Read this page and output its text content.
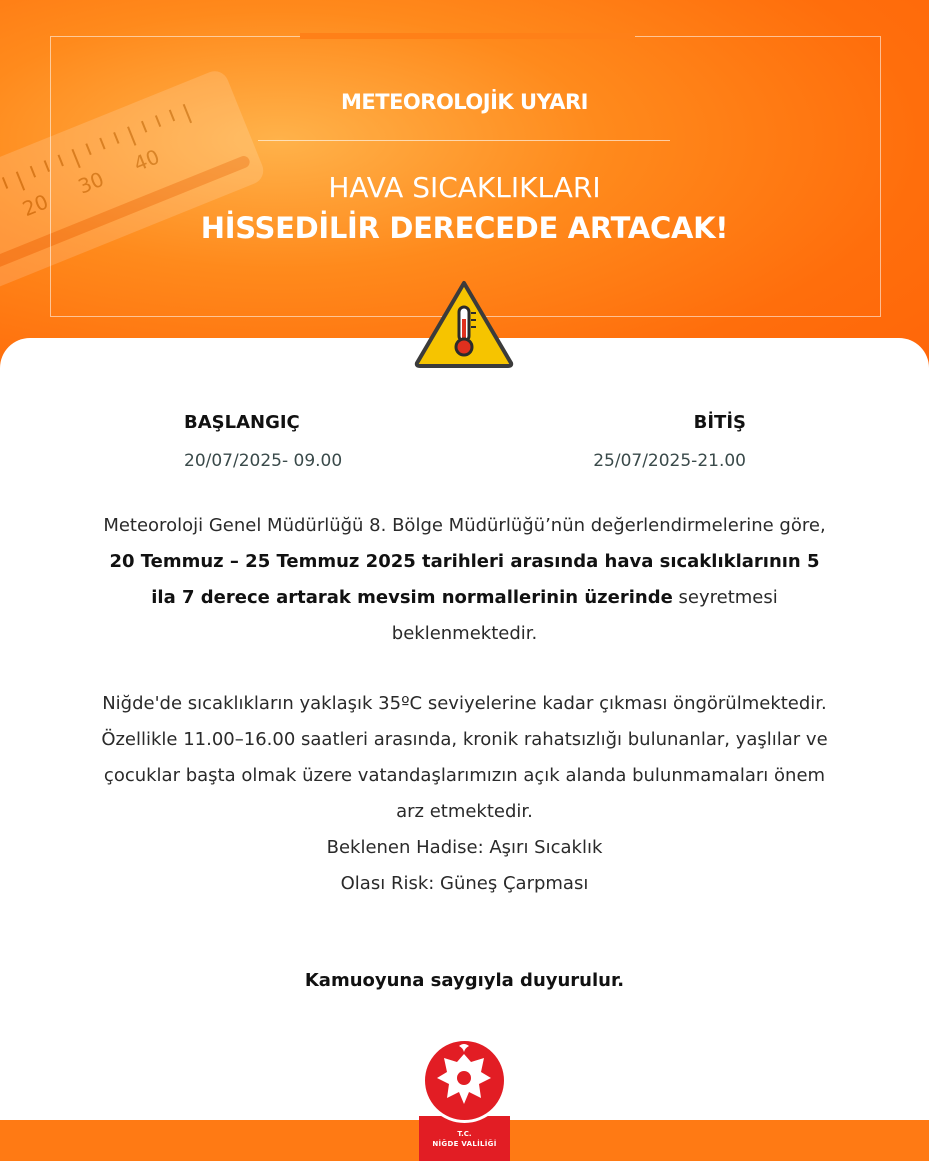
20
30
40
METEOROLOJİK UYARI
HAVA SICAKLIKLARI
HİSSEDİLİR DERECEDE ARTACAK!
BAŞLANGIÇ
20/07/2025- 09.00
BİTİŞ
25/07/2025-21.00
Meteoroloji Genel Müdürlüğü 8. Bölge Müdürlüğü’nün değerlendirmelerine göre, 20 Temmuz – 25 Temmuz 2025 tarihleri arasında hava sıcaklıklarının 5 ila 7 derece artarak mevsim normallerinin üzerinde seyretmesi beklenmektedir.
Niğde'de sıcaklıkların yaklaşık 35ºC seviyelerine kadar çıkması öngörülmektedir. Özellikle 11.00–16.00 saatleri arasında, kronik rahatsızlığı bulunanlar, yaşlılar ve çocuklar başta olmak üzere vatandaşlarımızın açık alanda bulunmamaları önem arz etmektedir.
Beklenen Hadise: Aşırı Sıcaklık
Olası Risk: Güneş Çarpması
Kamuoyuna saygıyla duyurulur.
T.C.
NİĞDE VALİLİĞİ
